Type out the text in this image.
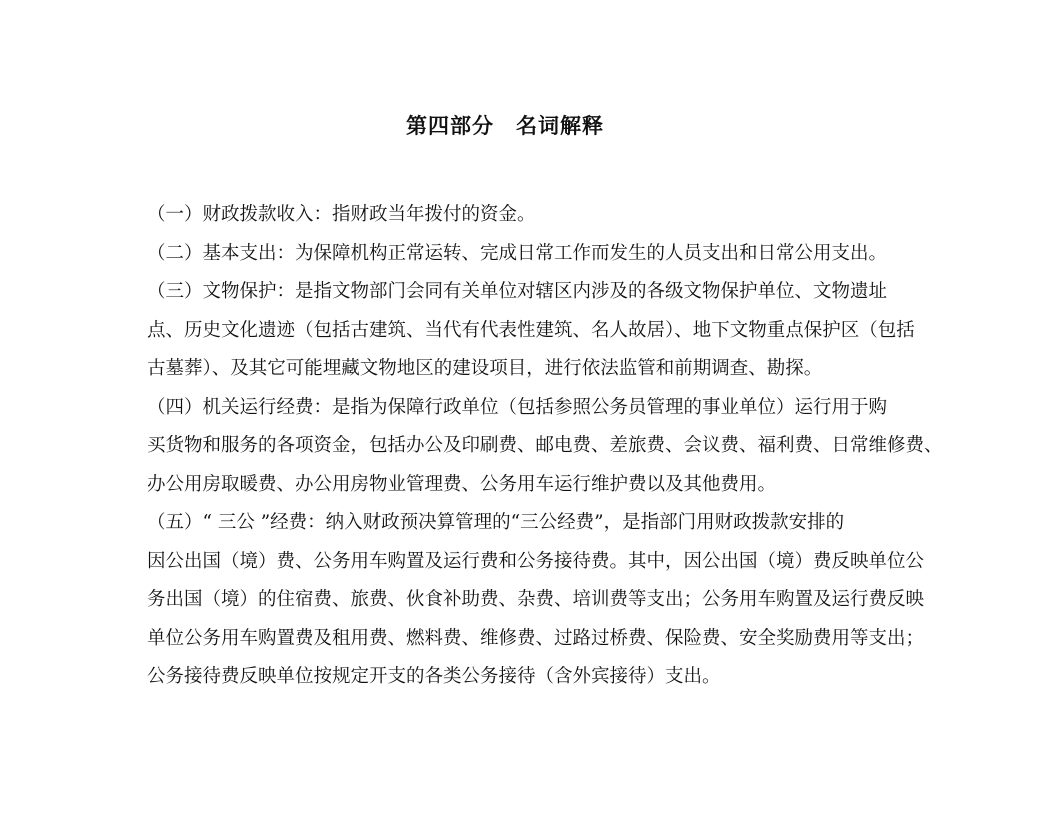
第四部分　名词解释

（一）财政拨款收入：指财政当年拨付的资金。

（二）基本支出：为保障机构正常运转、完成日常工作而发生的人员支出和日常公用支出。

（三）文物保护：是指文物部门会同有关单位对辖区内涉及的各级文物保护单位、文物遗址
点、历史文化遗迹（包括古建筑、当代有代表性建筑、名人故居）、地下文物重点保护区（包括
古墓葬）、及其它可能埋藏文物地区的建设项目，进行依法监管和前期调查、勘探。

（四）机关运行经费：是指为保障行政单位（包括参照公务员管理的事业单位）运行用于购
买货物和服务的各项资金，包括办公及印刷费、邮电费、差旅费、会议费、福利费、日常维修费、
办公用房取暖费、办公用房物业管理费、公务用车运行维护费以及其他费用。

（五）“ 三公 ”经费：纳入财政预决算管理的“三公经费”，是指部门用财政拨款安排的
因公出国（境）费、公务用车购置及运行费和公务接待费。其中，因公出国（境）费反映单位公
务出国（境）的住宿费、旅费、伙食补助费、杂费、培训费等支出；公务用车购置及运行费反映
单位公务用车购置费及租用费、燃料费、维修费、过路过桥费、保险费、安全奖励费用等支出；
公务接待费反映单位按规定开支的各类公务接待（含外宾接待）支出。
